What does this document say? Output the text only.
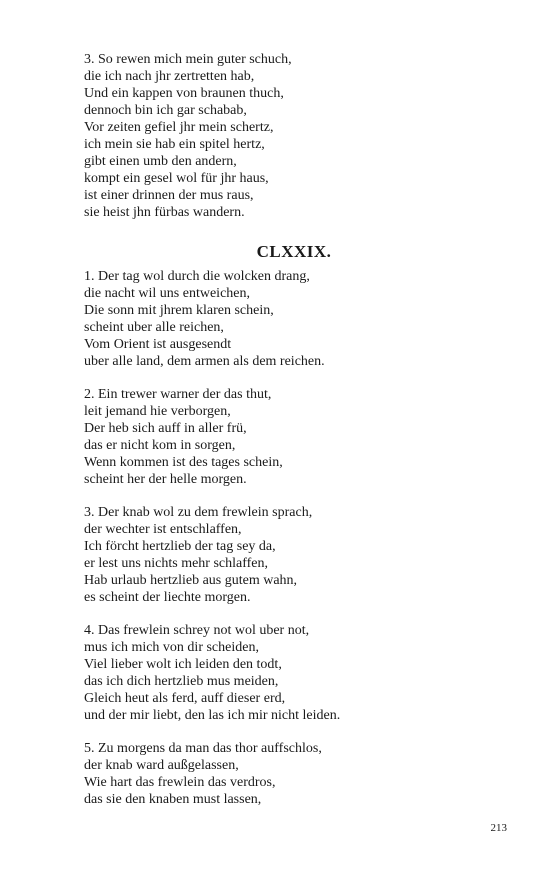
3. So rewen mich mein guter schuch,
die ich nach jhr zertretten hab,
Und ein kappen von braunen thuch,
dennoch bin ich gar schabab,
Vor zeiten gefiel jhr mein schertz,
ich mein sie hab ein spitel hertz,
gibt einen umb den andern,
kompt ein gesel wol für jhr haus,
ist einer drinnen der mus raus,
sie heist jhn fürbas wandern.
CLXXIX.
1. Der tag wol durch die wolcken drang,
die nacht wil uns entweichen,
Die sonn mit jhrem klaren schein,
scheint uber alle reichen,
Vom Orient ist ausgesendt
uber alle land, dem armen als dem reichen.
2. Ein trewer warner der das thut,
leit jemand hie verborgen,
Der heb sich auff in aller frü,
das er nicht kom in sorgen,
Wenn kommen ist des tages schein,
scheint her der helle morgen.
3. Der knab wol zu dem frewlein sprach,
der wechter ist entschlaffen,
Ich förcht hertzlieb der tag sey da,
er lest uns nichts mehr schlaffen,
Hab urlaub hertzlieb aus gutem wahn,
es scheint der liechte morgen.
4. Das frewlein schrey not wol uber not,
mus ich mich von dir scheiden,
Viel lieber wolt ich leiden den todt,
das ich dich hertzlieb mus meiden,
Gleich heut als ferd, auff dieser erd,
und der mir liebt, den las ich mir nicht leiden.
5. Zu morgens da man das thor auffschlos,
der knab ward außgelassen,
Wie hart das frewlein das verdros,
das sie den knaben must lassen,
213
